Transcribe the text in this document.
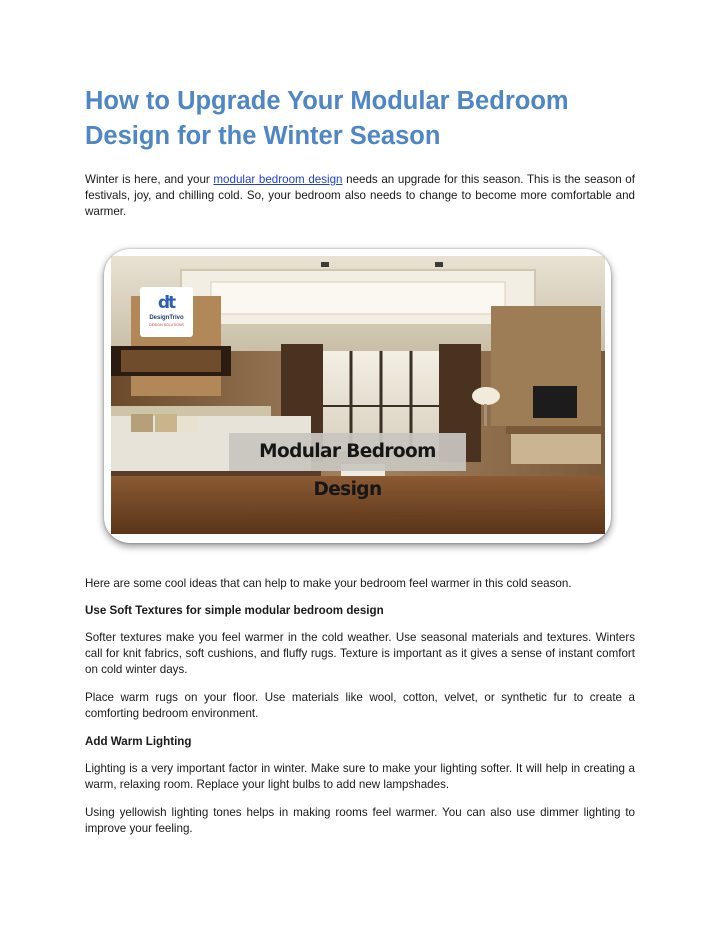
How to Upgrade Your Modular Bedroom Design for the Winter Season

Winter is here, and your modular bedroom design needs an upgrade for this season. This is the season of festivals, joy, and chilling cold. So, your bedroom also needs to change to become more comfortable and warmer.

dt
DesignTrivo
DESIGN SOLUTIONS
Modular Bedroom Design

Here are some cool ideas that can help to make your bedroom feel warmer in this cold season.

Use Soft Textures for simple modular bedroom design

Softer textures make you feel warmer in the cold weather. Use seasonal materials and textures. Winters call for knit fabrics, soft cushions, and fluffy rugs. Texture is important as it gives a sense of instant comfort on cold winter days.

Place warm rugs on your floor. Use materials like wool, cotton, velvet, or synthetic fur to create a comforting bedroom environment.

Add Warm Lighting

Lighting is a very important factor in winter. Make sure to make your lighting softer. It will help in creating a warm, relaxing room. Replace your light bulbs to add new lampshades.

Using yellowish lighting tones helps in making rooms feel warmer. You can also use dimmer lighting to improve your feeling.
